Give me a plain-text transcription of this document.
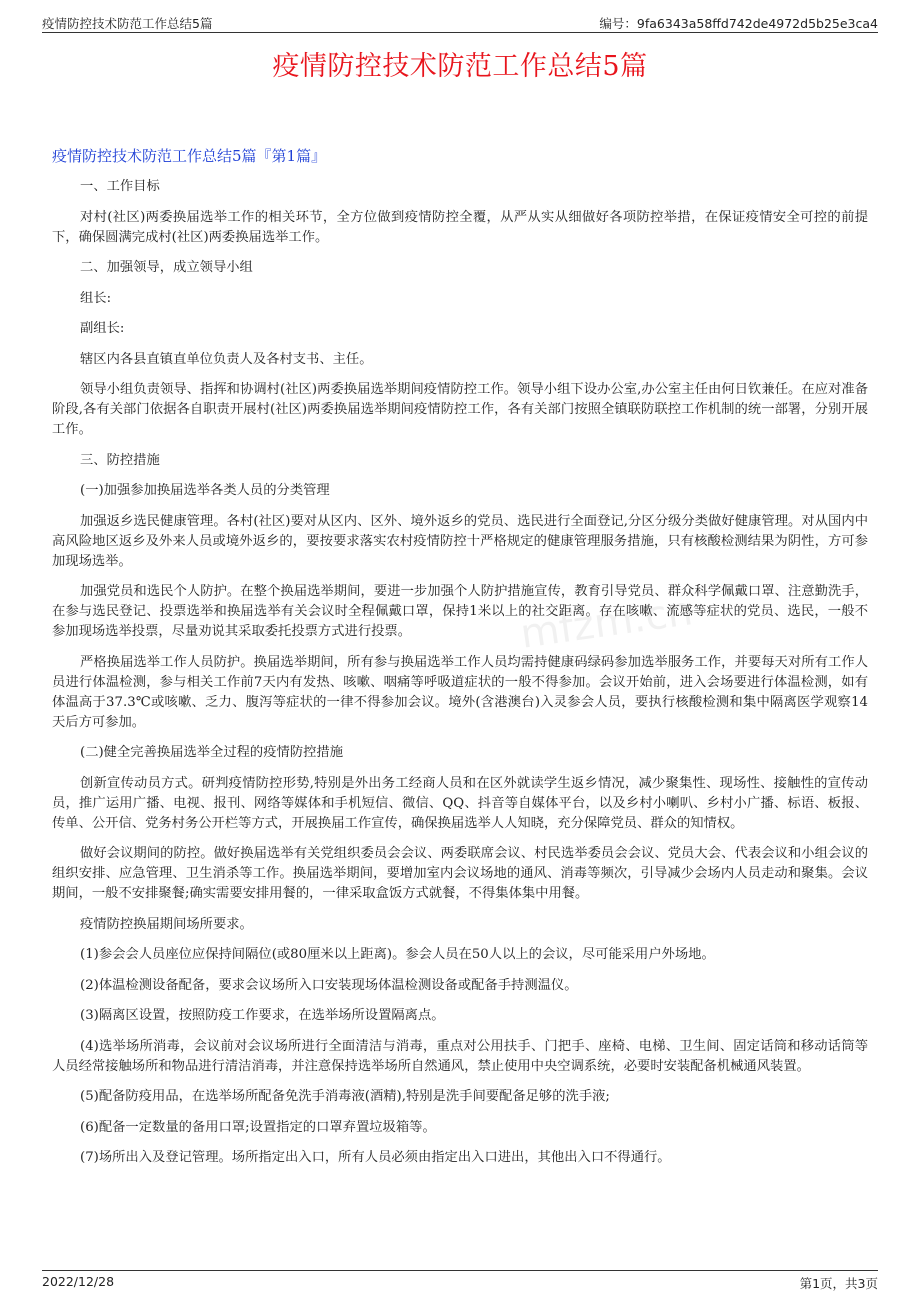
疫情防控技术防范工作总结5篇	编号：9fa6343a58ffd742de4972d5b25e3ca4
疫情防控技术防范工作总结5篇
疫情防控技术防范工作总结5篇『第1篇』
mfzm.cn

一、工作目标

对村(社区)两委换届选举工作的相关环节，全方位做到疫情防控全覆，从严从实从细做好各项防控举措，在保证疫情安全可控的前提下，确保圆满完成村(社区)两委换届选举工作。

二、加强领导，成立领导小组

组长:

副组长:

辖区内各县直镇直单位负责人及各村支书、主任。

领导小组负责领导、指挥和协调村(社区)两委换届选举期间疫情防控工作。领导小组下设办公室,办公室主任由何日钦兼任。在应对准备阶段,各有关部门依据各自职责开展村(社区)两委换届选举期间疫情防控工作，各有关部门按照全镇联防联控工作机制的统一部署，分别开展工作。

三、防控措施

(一)加强参加换届选举各类人员的分类管理

加强返乡选民健康管理。各村(社区)要对从区内、区外、境外返乡的党员、选民进行全面登记,分区分级分类做好健康管理。对从国内中高风险地区返乡及外来人员或境外返乡的，要按要求落实农村疫情防控十严格规定的健康管理服务措施，只有核酸检测结果为阴性，方可参加现场选举。

加强党员和选民个人防护。在整个换届选举期间，要进一步加强个人防护措施宣传，教育引导党员、群众科学佩戴口罩、注意勤洗手，在参与选民登记、投票选举和换届选举有关会议时全程佩戴口罩，保持1米以上的社交距离。存在咳嗽、流感等症状的党员、选民，一般不参加现场选举投票，尽量劝说其采取委托投票方式进行投票。

严格换届选举工作人员防护。换届选举期间，所有参与换届选举工作人员均需持健康码绿码参加选举服务工作，并要每天对所有工作人员进行体温检测，参与相关工作前7天内有发热、咳嗽、咽痛等呼吸道症状的一般不得参加。会议开始前，进入会场要进行体温检测，如有体温高于37.3℃或咳嗽、乏力、腹泻等症状的一律不得参加会议。境外(含港澳台)入灵参会人员，要执行核酸检测和集中隔离医学观察14天后方可参加。

(二)健全完善换届选举全过程的疫情防控措施

创新宣传动员方式。研判疫情防控形势,特别是外出务工经商人员和在区外就读学生返乡情况，减少聚集性、现场性、接触性的宣传动员，推广运用广播、电视、报刊、网络等媒体和手机短信、微信、QQ、抖音等自媒体平台，以及乡村小喇叭、乡村小广播、标语、板报、传单、公开信、党务村务公开栏等方式，开展换届工作宣传，确保换届选举人人知晓，充分保障党员、群众的知情权。

做好会议期间的防控。做好换届选举有关党组织委员会会议、两委联席会议、村民选举委员会会议、党员大会、代表会议和小组会议的组织安排、应急管理、卫生消杀等工作。换届选举期间，要增加室内会议场地的通风、消毒等频次，引导减少会场内人员走动和聚集。会议期间，一般不安排聚餐;确实需要安排用餐的，一律采取盒饭方式就餐，不得集体集中用餐。

疫情防控换届期间场所要求。

(1)参会会人员座位应保持间隔位(或80厘米以上距离)。参会人员在50人以上的会议，尽可能采用户外场地。

(2)体温检测设备配备，要求会议场所入口安装现场体温检测设备或配备手持测温仪。

(3)隔离区设置，按照防疫工作要求，在选举场所设置隔离点。

(4)选举场所消毒，会议前对会议场所进行全面清洁与消毒，重点对公用扶手、门把手、座椅、电梯、卫生间、固定话筒和移动话筒等人员经常接触场所和物品进行清洁消毒，并注意保持选举场所自然通风，禁止使用中央空调系统，必要时安装配备机械通风装置。

(5)配备防疫用品，在选举场所配备免洗手消毒液(酒精),特别是洗手间要配备足够的洗手液;

(6)配备一定数量的备用口罩;设置指定的口罩弃置垃圾箱等。

(7)场所出入及登记管理。场所指定出入口，所有人员必须由指定出入口进出，其他出入口不得通行。

2022/12/28	第1页，共3页
